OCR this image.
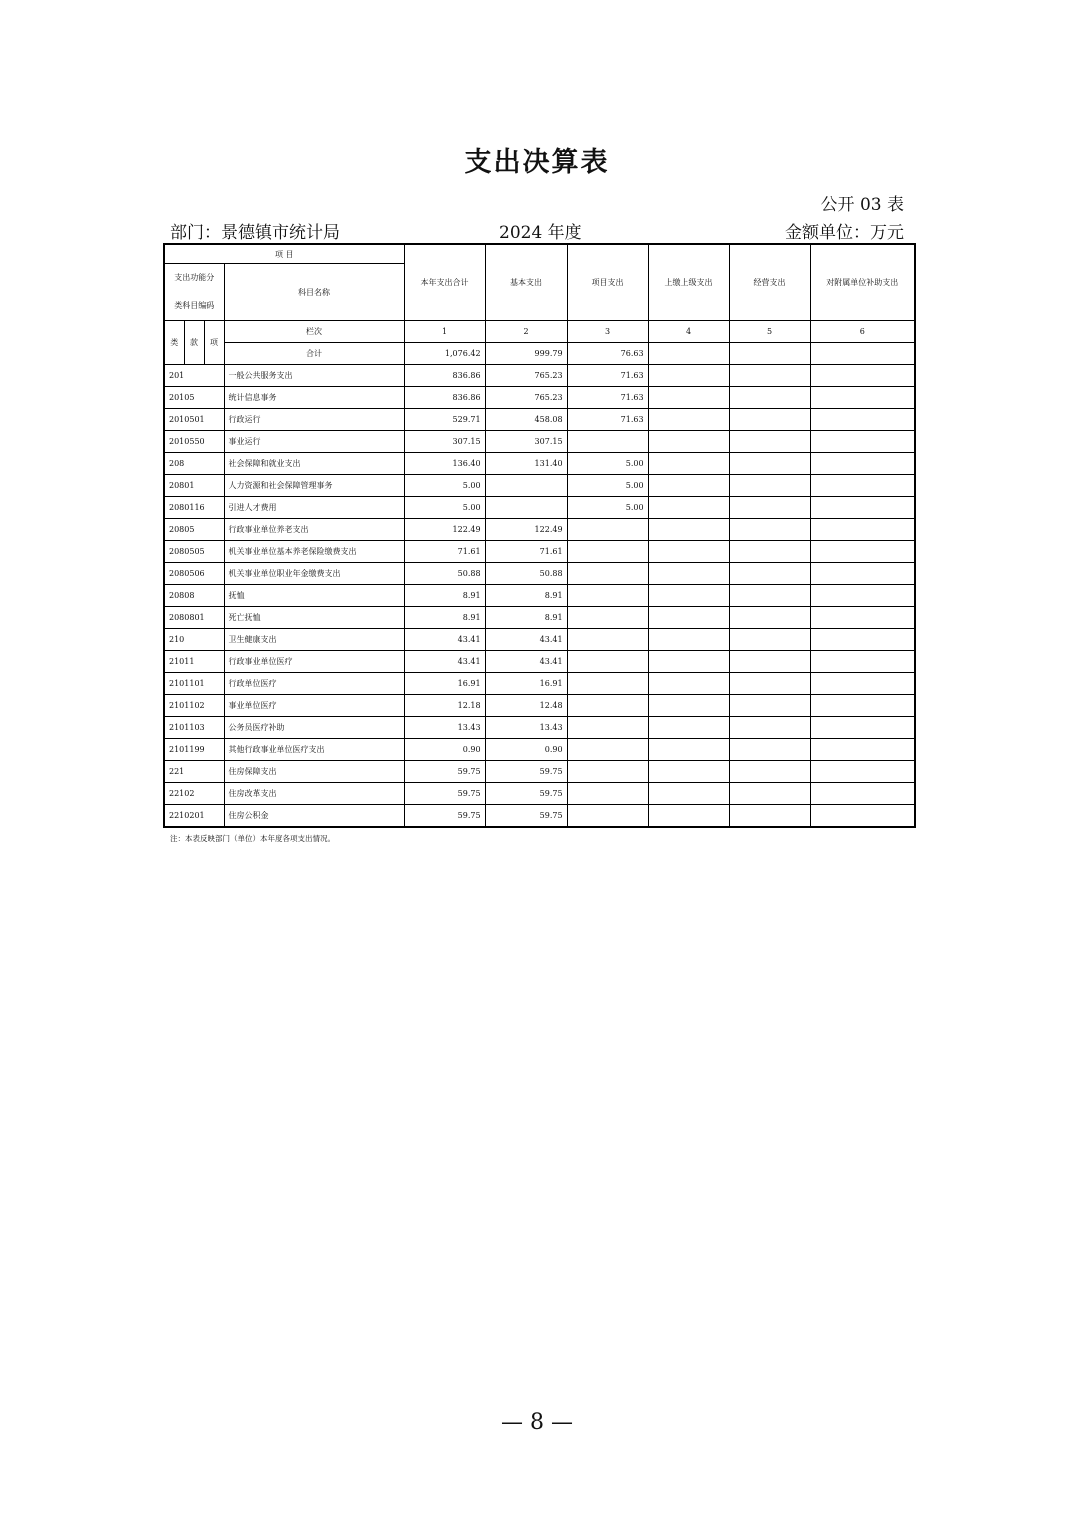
支出决算表
公开 03 表
部门：景德镇市统计局	2024 年度	金额单位：万元
项 目				本年支出合计	基本支出	项目支出	上缴上级支出	经营支出	对附属单位补助支出

支出功能分
类科目编码			科目名称						
类	款	项	栏次	1	2	3	4	5	6
			合计	1,076.42	999.79	76.63			
201			一般公共服务支出	836.86	765.23	71.63			
20105			统计信息事务	836.86	765.23	71.63			
2010501			行政运行	529.71	458.08	71.63			
2010550			事业运行	307.15	307.15				
208			社会保障和就业支出	136.40	131.40	5.00			
20801			人力资源和社会保障管理事务	5.00		5.00			
2080116			引进人才费用	5.00		5.00			
20805			行政事业单位养老支出	122.49	122.49				
2080505			机关事业单位基本养老保险缴费支出	71.61	71.61				
2080506			机关事业单位职业年金缴费支出	50.88	50.88				
20808			抚恤	8.91	8.91				
2080801			死亡抚恤	8.91	8.91				
210			卫生健康支出	43.41	43.41				
21011			行政事业单位医疗	43.41	43.41				
2101101			行政单位医疗	16.91	16.91				
2101102			事业单位医疗	12.18	12.48				
2101103			公务员医疗补助	13.43	13.43				
2101199			其他行政事业单位医疗支出	0.90	0.90				
221			住房保障支出	59.75	59.75				
22102			住房改革支出	59.75	59.75				
2210201			住房公积金	59.75	59.75				
注：本表反映部门（单位）本年度各项支出情况。
— 8 —
